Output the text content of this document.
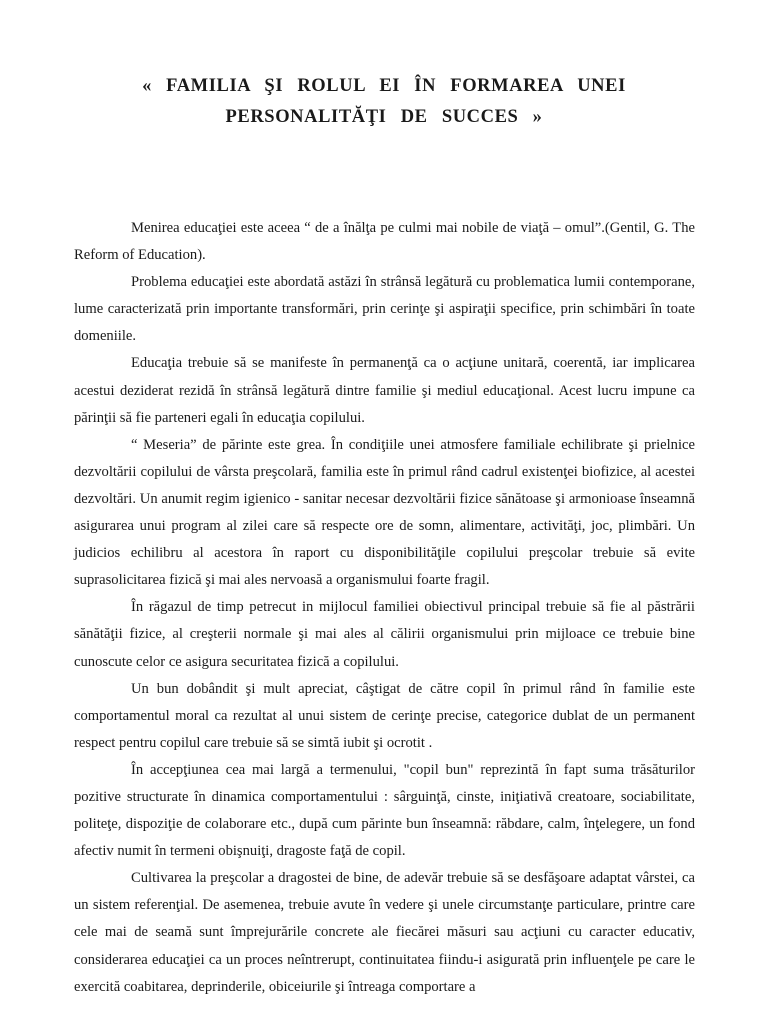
« FAMILIA ŞI ROLUL EI ÎN FORMAREA UNEI
PERSONALITĂŢI DE SUCCES »

Menirea educaţiei este aceea “ de a înălţa pe culmi mai nobile de viaţă – omul”.(Gentil, G. The Reform of Education).

Problema educaţiei este abordată astăzi în strânsă legătură cu problematica lumii contemporane, lume caracterizată prin importante transformări, prin cerinţe şi aspiraţii specifice, prin schimbări în toate domeniile.

Educaţia trebuie să se manifeste în permanenţă ca o acţiune unitară, coerentă, iar implicarea acestui deziderat rezidă în strânsă legătură dintre familie şi mediul educaţional. Acest lucru impune ca părinţii să fie parteneri egali în educaţia copilului.

“ Meseria” de părinte este grea. În condiţiile unei atmosfere familiale echilibrate şi prielnice dezvoltării copilului de vârsta preşcolară, familia este în primul rând cadrul existenţei biofizice, al acestei dezvoltări. Un anumit regim igienico - sanitar necesar dezvoltării fizice sănătoase şi armonioase înseamnă asigurarea unui program al zilei care să respecte ore de somn, alimentare, activităţi, joc, plimbări. Un judicios echilibru al acestora în raport cu disponibilităţile copilului preşcolar trebuie să evite suprasolicitarea fizică şi mai ales nervoasă a organismului foarte fragil.

În răgazul de timp petrecut in mijlocul familiei obiectivul principal trebuie să fie al păstrării sănătăţii fizice, al creşterii normale şi mai ales al călirii organismului prin mijloace ce trebuie bine cunoscute celor ce asigura securitatea fizică a copilului.

Un bun dobândit şi mult apreciat, câştigat de către copil în primul rând în familie este comportamentul moral ca rezultat al unui sistem de cerinţe precise, categorice dublat de un permanent respect pentru copilul care trebuie să se simtă iubit şi ocrotit .

În accepţiunea cea mai largă a termenului, "copil bun" reprezintă în fapt suma trăsăturilor pozitive structurate în dinamica comportamentului : sârguinţă, cinste, iniţiativă creatoare, sociabilitate, politeţe, dispoziţie de colaborare etc., după cum părinte bun înseamnă: răbdare, calm, înţelegere, un fond afectiv numit în termeni obişnuiţi, dragoste faţă de copil.

Cultivarea la preşcolar a dragostei de bine, de adevăr trebuie să se desfăşoare adaptat vârstei, ca un sistem referenţial. De asemenea, trebuie avute în vedere şi unele circumstanţe particulare, printre care cele mai de seamă sunt împrejurările concrete ale fiecărei măsuri sau acţiuni cu caracter educativ, considerarea educaţiei ca un proces neîntrerupt, continuitatea fiindu-i asigurată prin influenţele pe care le exercită coabitarea, deprinderile, obiceiurile şi întreaga comportare a
